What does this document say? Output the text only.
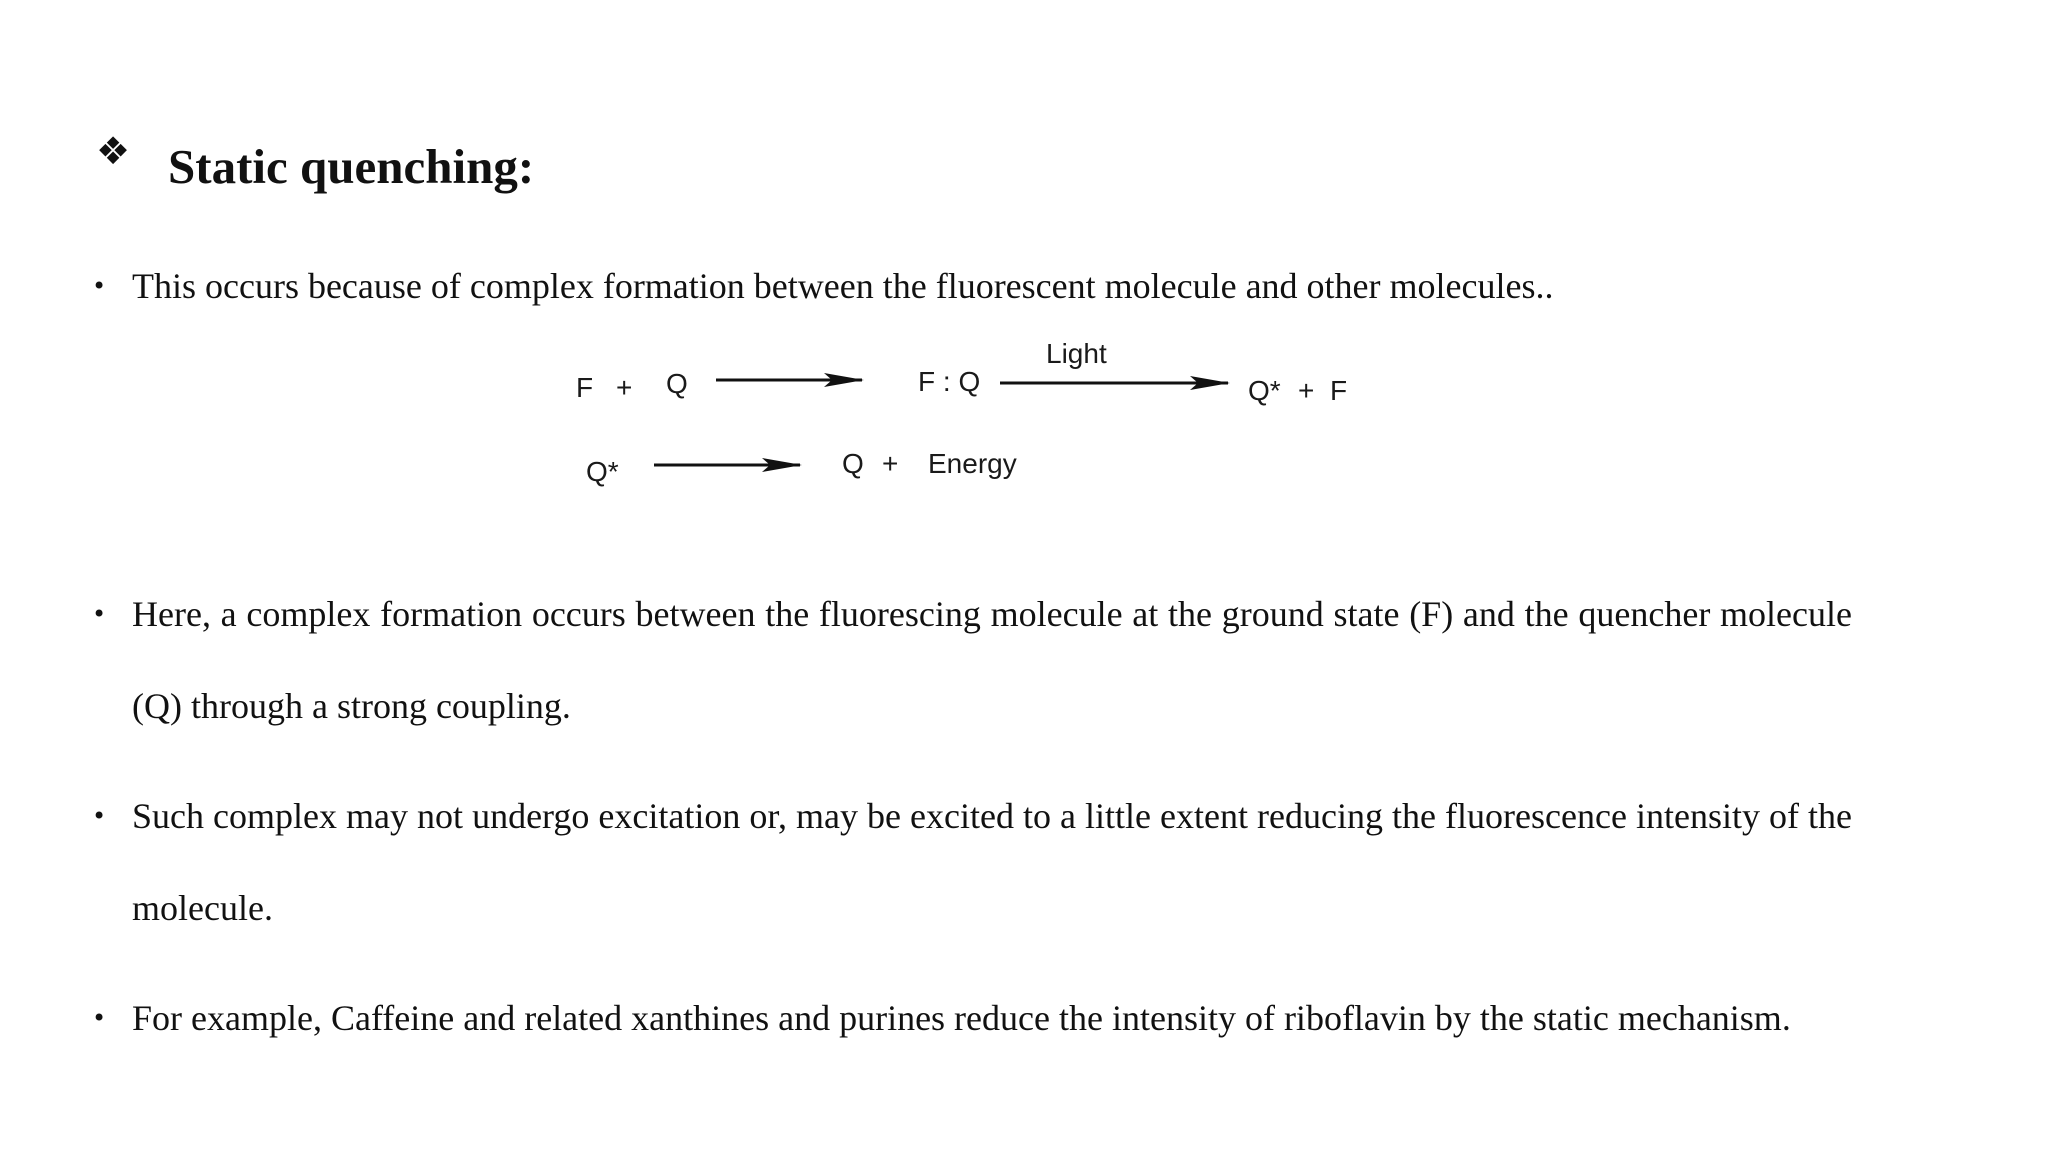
❖ Static quenching:
• This occurs because of complex formation between the fluorescent molecule and other molecules..
F + Q	F : Q
Light
Q* + F
Q*	Q + Energy
• Here, a complex formation occurs between the fluorescing molecule at the ground state (F) and the quencher molecule (Q) through a strong coupling.
• Such complex may not undergo excitation or, may be excited to a little extent reducing the fluorescence intensity of the molecule.
• For example, Caffeine and related xanthines and purines reduce the intensity of riboflavin by the static mechanism.
